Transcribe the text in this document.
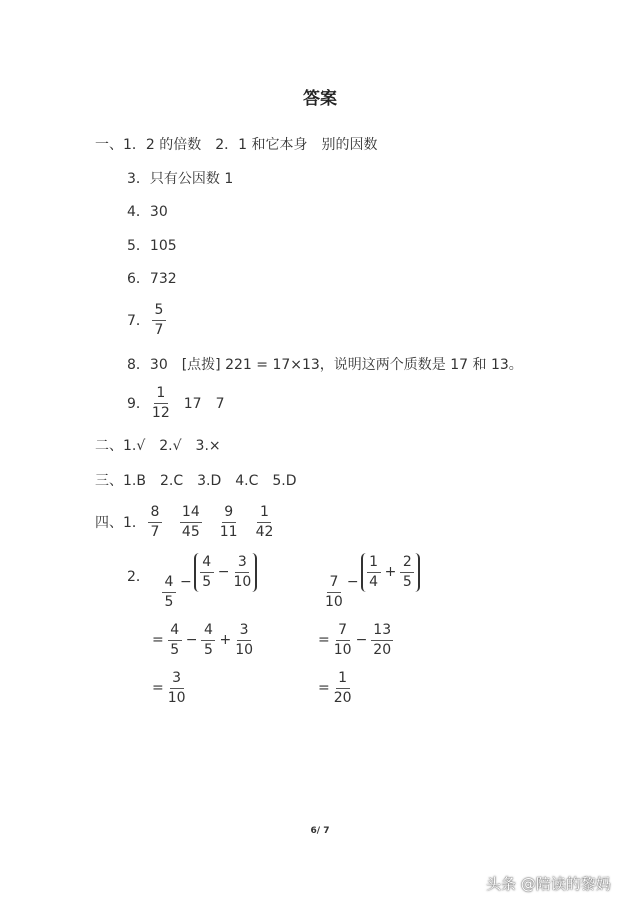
答案
一、1．2 的倍数　2．1 和它本身　别的因数
3．只有公因数 1
4．30
5．105
6．732
7． $\frac{5}{7}$
8．30　[点拨] 221 = 17×13，说明这两个质数是 17 和 13。
9． $\frac{1}{12} 17$　7
二、1.√　2.√　3.×
三、1.B　2.C　3.D　4.C　5.D
四、1． $\frac{8}{7} \frac{14}{45} \frac{9}{11} \frac{1}{42}$
2． $\frac{4}{5} - \frac{4}{5} - \frac{3}{10}$
= $\frac{4}{5} - \frac{4}{5} + \frac{3}{10}$
= $\frac{3}{10}$
$\frac{7}{10} - \frac{1}{4} + \frac{2}{5}$
= $\frac{7}{10} - \frac{13}{20}$
= $\frac{1}{20}$
6/ 7
头条 @陪读的黎妈
